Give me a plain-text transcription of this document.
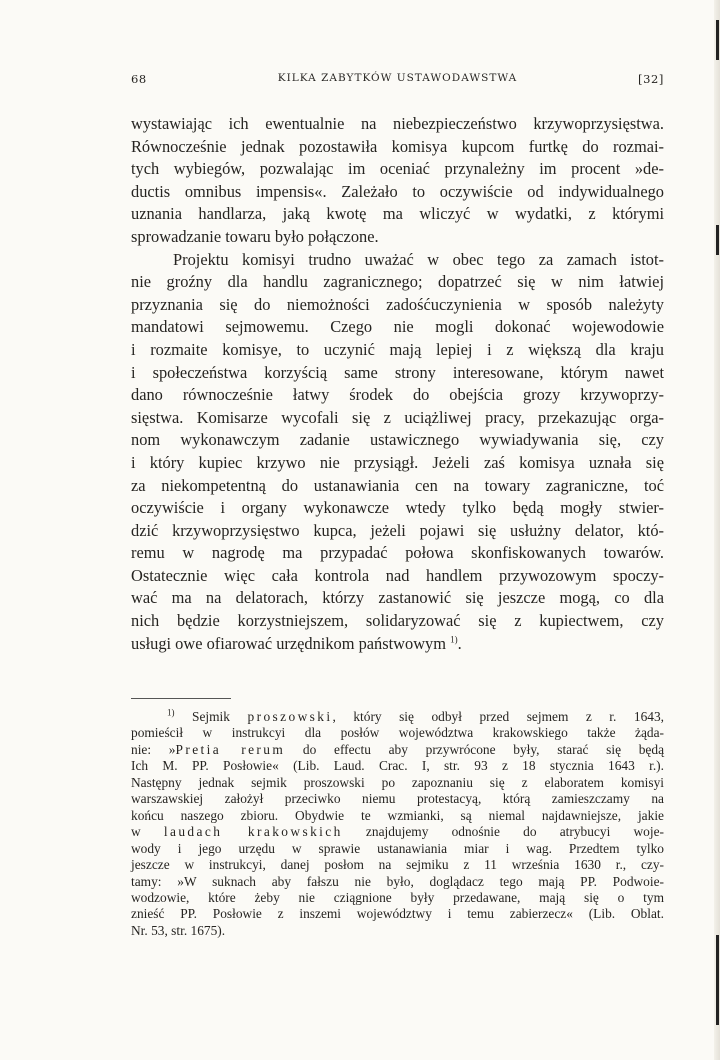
68	KILKA ZABYTKÓW USTAWODAWSTWA	[32]

wystawiając ich ewentualnie na niebezpieczeństwo krzywoprzysięstwa.
Równocześnie jednak pozostawiła komisya kupcom furtkę do rozmai-
tych wybiegów, pozwalając im oceniać przynależny im procent »de-
ductis omnibus impensis«. Zależało to oczywiście od indywidualnego
uznania handlarza, jaką kwotę ma wliczyć w wydatki, z którymi
sprowadzanie towaru było połączone.

Projektu komisyi trudno uważać w obec tego za zamach istot-
nie groźny dla handlu zagranicznego; dopatrzeć się w nim łatwiej
przyznania się do niemożności zadośćuczynienia w sposób należyty
mandatowi sejmowemu. Czego nie mogli dokonać wojewodowie
i rozmaite komisye, to uczynić mają lepiej i z większą dla kraju
i społeczeństwa korzyścią same strony interesowane, którym nawet
dano równocześnie łatwy środek do obejścia grozy krzywoprzy-
sięstwa. Komisarze wycofali się z uciążliwej pracy, przekazując orga-
nom wykonawczym zadanie ustawicznego wywiadywania się, czy
i który kupiec krzywo nie przysiągł. Jeżeli zaś komisya uznała się
za niekompetentną do ustanawiania cen na towary zagraniczne, toć
oczywiście i organy wykonawcze wtedy tylko będą mogły stwier-
dzić krzywoprzysięstwo kupca, jeżeli pojawi się usłużny delator, któ-
remu w nagrodę ma przypadać połowa skonfiskowanych towarów.
Ostatecznie więc cała kontrola nad handlem przywozowym spoczy-
wać ma na delatorach, którzy zastanowić się jeszcze mogą, co dla
nich będzie korzystniejszem, solidaryzować się z kupiectwem, czy
usługi owe ofiarować urzędnikom państwowym $^{1)}$.

$^{1)}$ Sejmik proszowski, który się odbył przed sejmem z r. 1643,
pomieścił w instrukcyi dla posłów województwa krakowskiego także żąda-
nie: »Pretia rerum do effectu aby przywrócone były, starać się będą
Ich M. PP. Posłowie« (Lib. Laud. Crac. I, str. 93 z 18 stycznia 1643 r.).
Następny jednak sejmik proszowski po zapoznaniu się z elaboratem komisyi
warszawskiej założył przeciwko niemu protestacyą, którą zamieszczamy na
końcu naszego zbioru. Obydwie te wzmianki, są niemal najdawniejsze, jakie
w laudach krakowskich znajdujemy odnośnie do atrybucyi woje-
wody i jego urzędu w sprawie ustanawiania miar i wag. Przedtem tylko
jeszcze w instrukcyi, danej posłom na sejmiku z 11 września 1630 r., czy-
tamy: »W suknach aby fałszu nie było, doglądacz tego mają PP. Podwoie-
wodzowie, które żeby nie cziągnione były przedawane, mają się o tym
znieść PP. Posłowie z inszemi województwy i temu zabierzecz« (Lib. Oblat.
Nr. 53, str. 1675).
